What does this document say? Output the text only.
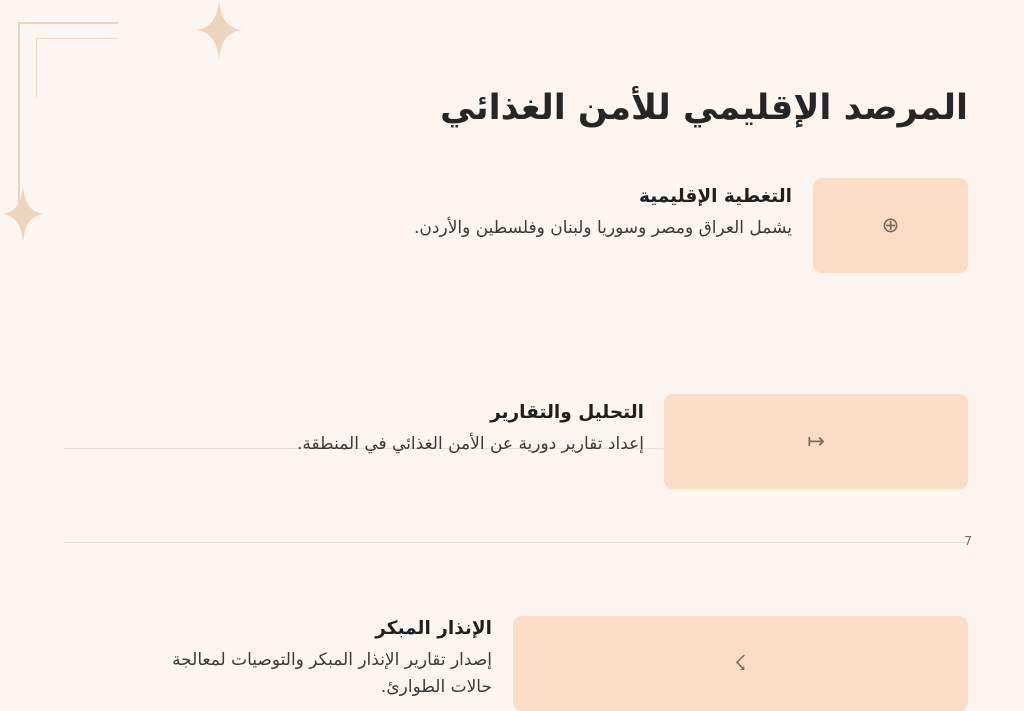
المرصد الإقليمي للأمن الغذائي
⊕
التغطية الإقليمية
يشمل العراق ومصر وسوريا ولبنان وفلسطين والأردن.
↦
التحليل والتقارير
إعداد تقارير دورية عن الأمن الغذائي في المنطقة.
☇
الإنذار المبكر
إصدار تقارير الإنذار المبكر والتوصيات لمعالجة حالات الطوارئ.
7
